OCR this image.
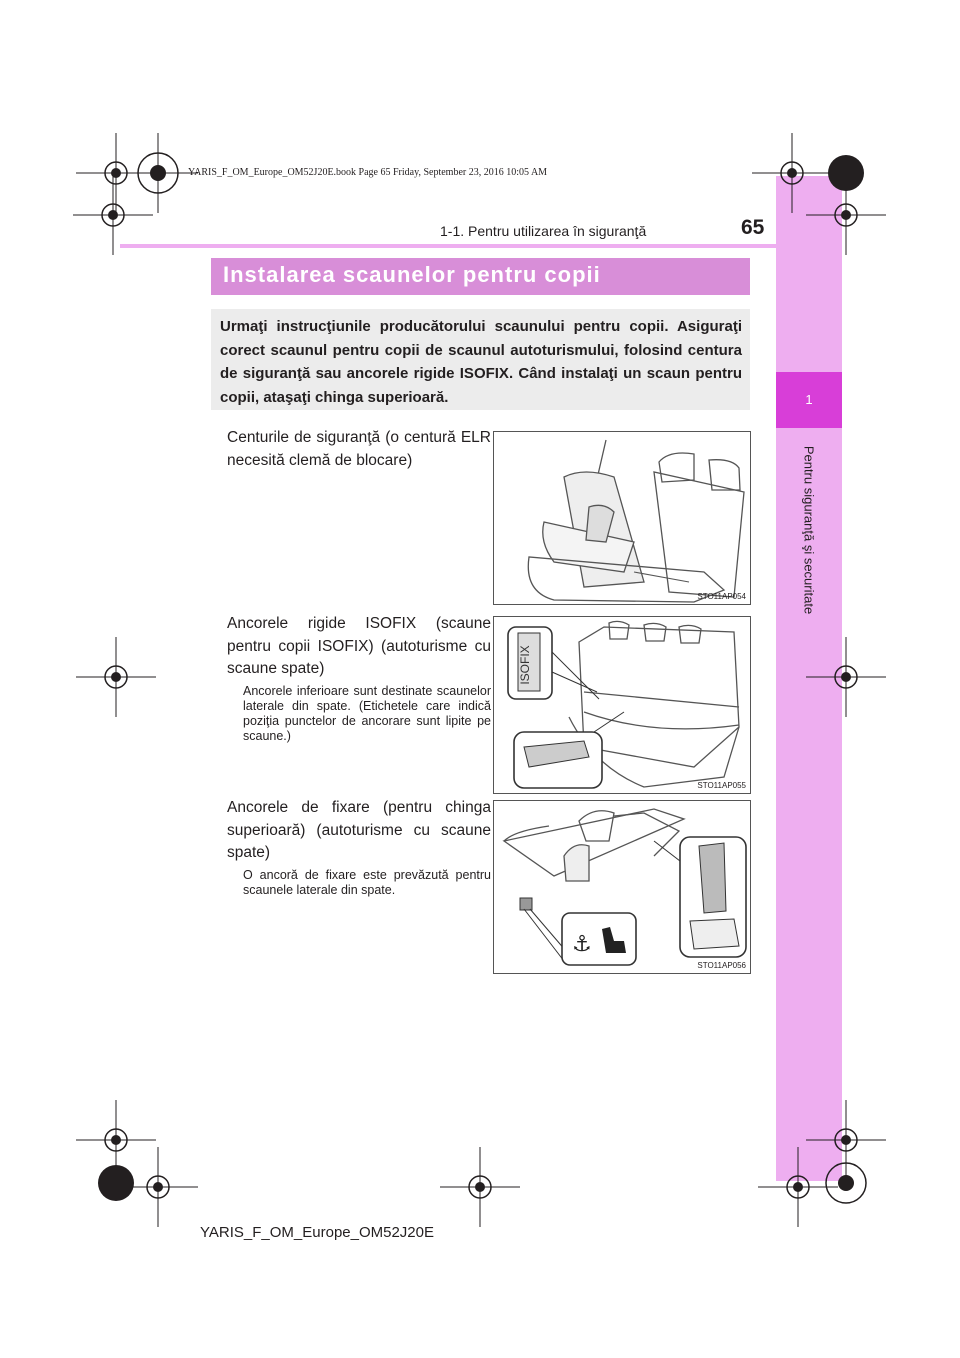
1
Pentru siguranţă şi securitate
YARIS_F_OM_Europe_OM52J20E.book Page 65 Friday, September 23, 2016 10:05 AM
1-1. Pentru utilizarea în siguranţă	65
Instalarea scaunelor pentru copii
Urmaţi instrucţiunile producătorului scaunului pentru copii. Asiguraţi corect scaunul pentru copii de scaunul autoturismului, folosind centura de siguranţă sau ancorele rigide ISOFIX. Când instalaţi un scaun pentru copii, ataşaţi chinga superioară.
Centurile de siguranţă (o centură ELR necesită clemă de blocare)
STO11AP054
Ancorele rigide ISOFIX (scaune pentru copii ISOFIX) (autoturisme cu scaune spate)
Ancorele inferioare sunt destinate scaunelor laterale din spate. (Etichetele care indică poziţia punctelor de ancorare sunt lipite pe scaune.)
ISOFIX
STO11AP055
Ancorele de fixare (pentru chinga superioară) (autoturisme cu scaune spate)
O ancoră de fixare este prevăzută pentru scaunele laterale din spate.
⚓
STO11AP056
YARIS_F_OM_Europe_OM52J20E
